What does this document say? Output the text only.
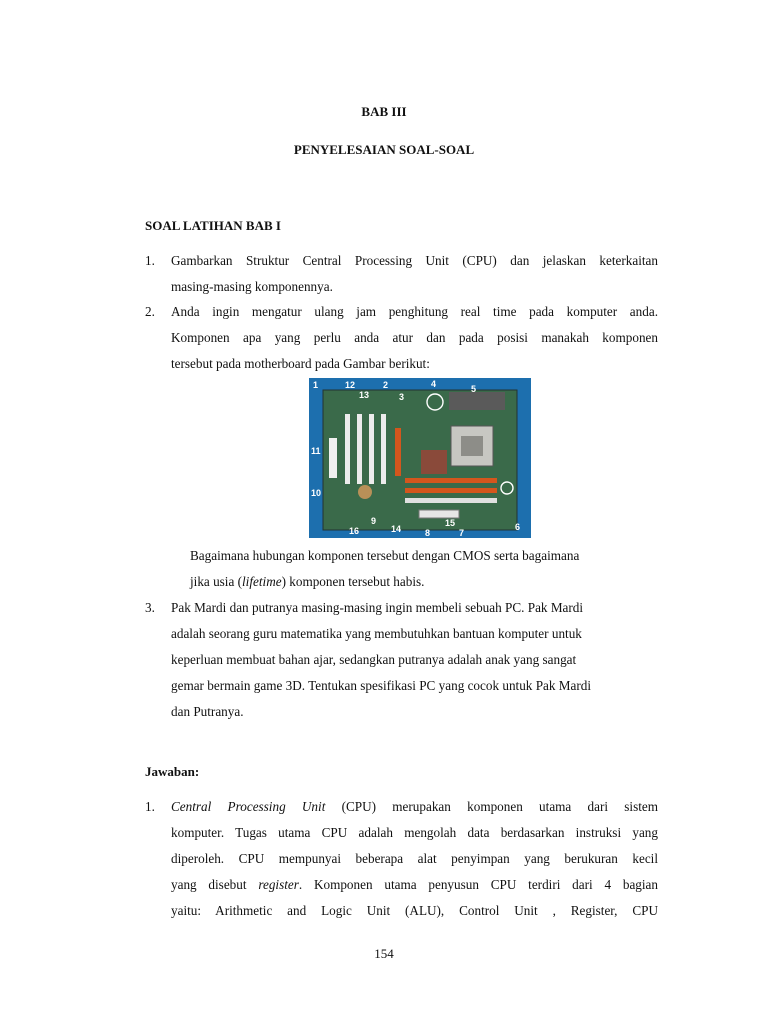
BAB III
PENYELESAIAN SOAL-SOAL
SOAL LATIHAN BAB I
1. Gambarkan Struktur Central Processing Unit (CPU) dan jelaskan keterkaitan
masing-masing komponennya.
2. Anda ingin mengatur ulang jam penghitung real time pada komputer anda.
Komponen apa yang perlu anda atur dan pada posisi manakah komponen
tersebut pada motherboard pada Gambar berikut:
1	12
13
2
3
4	5
11
10
16
9
14	8
15
7
6
Bagaimana hubungan komponen tersebut dengan CMOS serta bagaimana
jika usia (lifetime) komponen tersebut habis.
3. Pak Mardi dan putranya masing-masing ingin membeli sebuah PC. Pak Mardi
adalah seorang guru matematika yang membutuhkan bantuan komputer untuk
keperluan membuat bahan ajar, sedangkan putranya adalah anak yang sangat
gemar bermain game 3D. Tentukan spesifikasi PC yang cocok untuk Pak Mardi
dan Putranya.
Jawaban:
1. Central Processing Unit (CPU) merupakan komponen utama dari sistem
komputer. Tugas utama CPU adalah mengolah data berdasarkan instruksi yang
diperoleh. CPU mempunyai beberapa alat penyimpan yang berukuran kecil
yang disebut register. Komponen utama penyusun CPU terdiri dari 4 bagian
yaitu: Arithmetic and Logic Unit (ALU), Control Unit , Register, CPU
154
